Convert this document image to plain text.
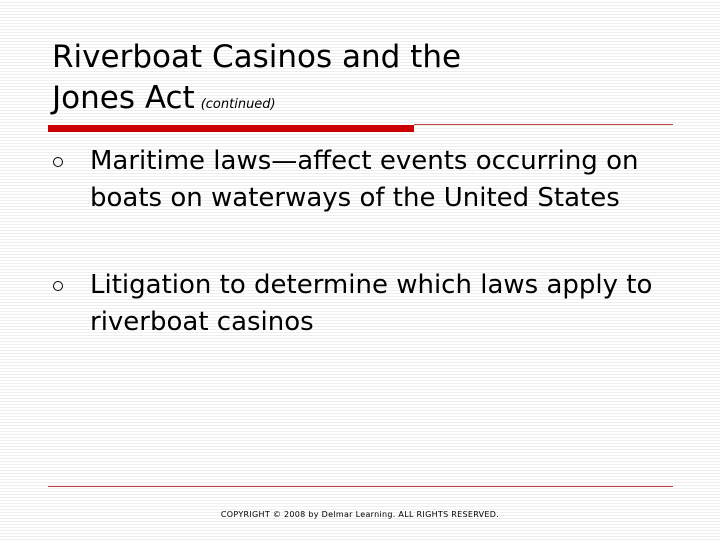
Riverboat Casinos and the
Jones Act (continued)
Maritime laws—affect events occurring on boats on waterways of the United States
Litigation to determine which laws apply to riverboat casinos
COPYRIGHT © 2008 by Delmar Learning. ALL RIGHTS RESERVED.
